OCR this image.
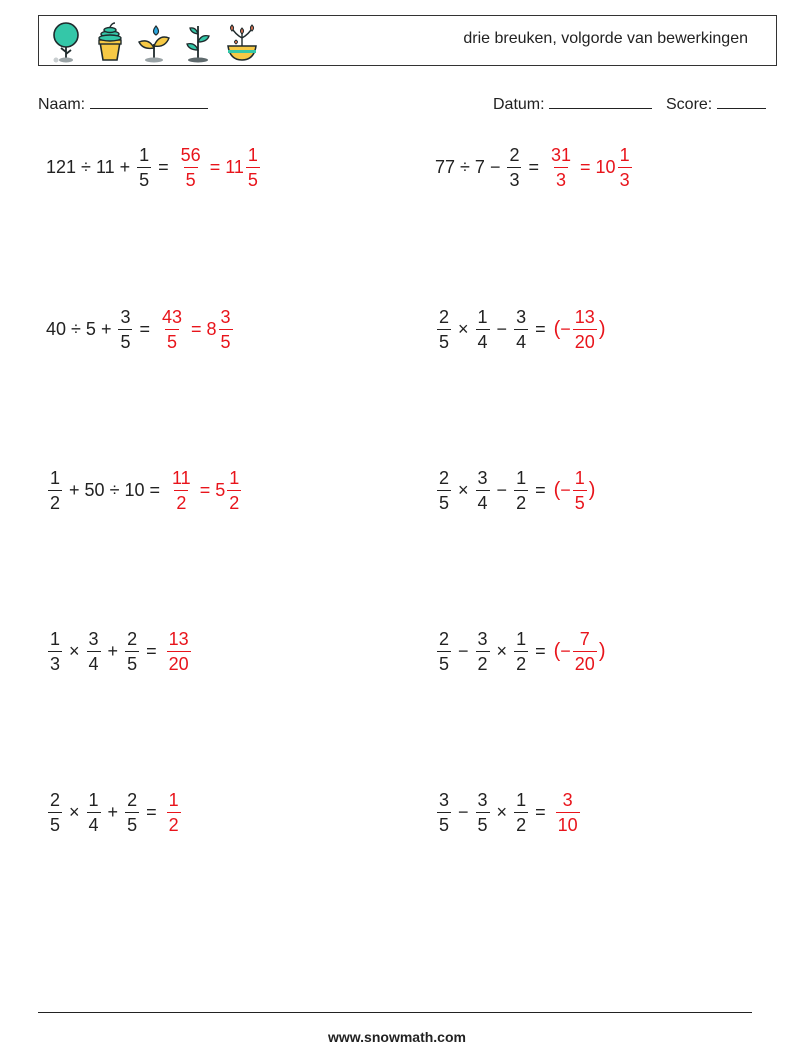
drie breuken, volgorde van bewerkingen
Naam:	Datum:	Score:
$121 \div 11 + \frac{1}{5} = \frac{56}{5} = 11 \frac{1}{5}$	$77 \div 7 - \frac{2}{3} = \frac{31}{3} = 10 \frac{1}{3}$
$40 \div 5 + \frac{3}{5} = \frac{43}{5} = 8 \frac{3}{5}$	$\frac{2}{5} \times \frac{1}{4} - \frac{3}{4}$ = ( − $\frac{13}{20}$ )
$\frac{1}{2} + 50 \div 10 = \frac{11}{2} = 5 \frac{1}{2}$	$\frac{2}{5} \times \frac{3}{4} - \frac{1}{2}$ = ( − $\frac{1}{5}$ )
$\frac{1}{3} \times \frac{3}{4} + \frac{2}{5} = \frac{13}{20}$	$\frac{2}{5} - \frac{3}{2} \times \frac{1}{2}$ = ( − $\frac{7}{20}$ )
$\frac{2}{5} \times \frac{1}{4} + \frac{2}{5} = \frac{1}{2}$	$\frac{3}{5} - \frac{3}{5} \times \frac{1}{2} = \frac{3}{10}$
www.snowmath.com
